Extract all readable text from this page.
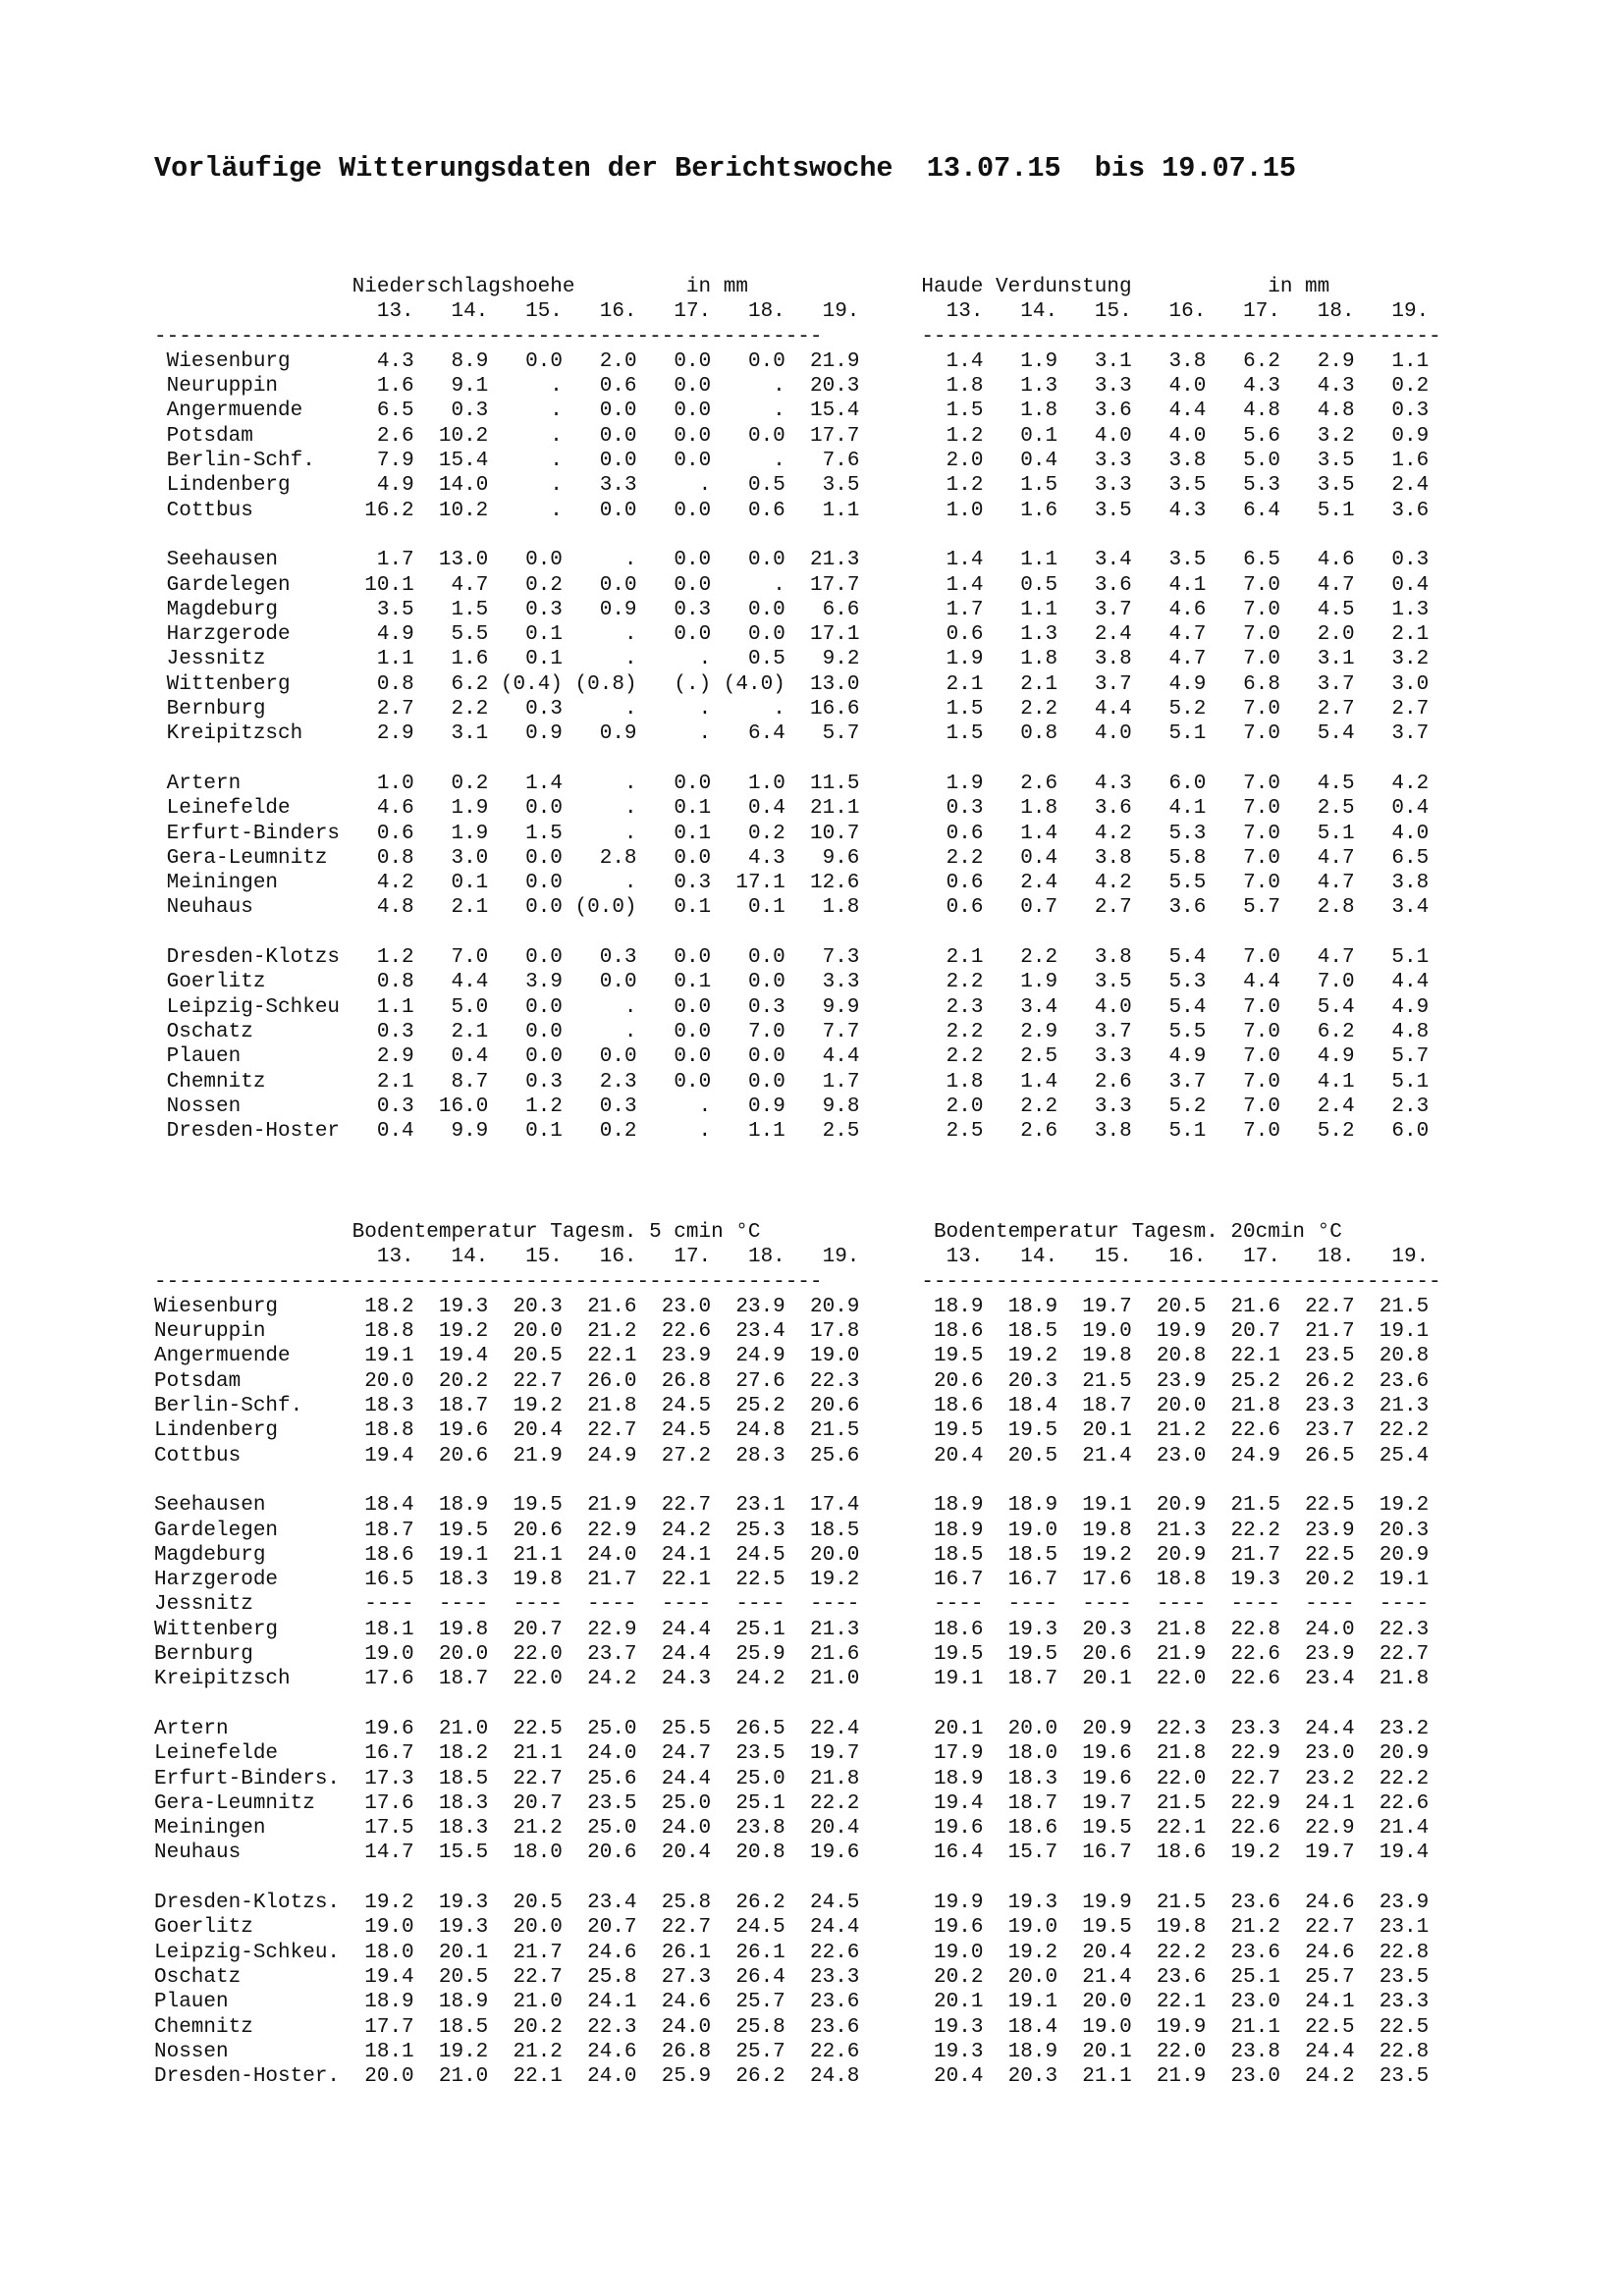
Vorläufige Witterungsdaten der Berichtswoche  13.07.15  bis 19.07.15
Niederschlagshoehe	in mm	Haude Verdunstung	in mm
13.   14.   15.   16.   17.   18.   19.       13.   14.   15.   16.   17.   18.   19.
------------------------------------------------------        ------------------------------------------
Wiesenburg       4.3   8.9   0.0   2.0   0.0   0.0  21.9       1.4   1.9   3.1   3.8   6.2   2.9   1.1
Neuruppin	1.6   9.1     .   0.6   0.0     .  20.3       1.8   1.3   3.3   4.0   4.3   4.3   0.2
Angermuende      6.5   0.3     .   0.0   0.0     .  15.4       1.5   1.8   3.6   4.4   4.8   4.8   0.3
Potsdam	2.6  10.2     .   0.0   0.0   0.0  17.7       1.2   0.1   4.0   4.0   5.6   3.2   0.9
Berlin-Schf.     7.9  15.4     .   0.0   0.0     .   7.6       2.0   0.4   3.3   3.8   5.0   3.5   1.6
Lindenberg       4.9  14.0     .   3.3     .   0.5   3.5       1.2   1.5   3.3   3.5   5.3   3.5   2.4
Cottbus	16.2  10.2     .   0.0   0.0   0.6   1.1       1.0   1.6   3.5   4.3   6.4   5.1   3.6

Seehausen	1.7  13.0   0.0     .   0.0   0.0  21.3       1.4   1.1   3.4   3.5   6.5   4.6   0.3
Gardelegen      10.1   4.7   0.2   0.0   0.0     .  17.7       1.4   0.5   3.6   4.1   7.0   4.7   0.4
Magdeburg	3.5   1.5   0.3   0.9   0.3   0.0   6.6       1.7   1.1   3.7   4.6   7.0   4.5   1.3
Harzgerode       4.9   5.5   0.1     .   0.0   0.0  17.1       0.6   1.3   2.4   4.7   7.0   2.0   2.1
Jessnitz	1.1   1.6   0.1     .     .   0.5   9.2       1.9   1.8   3.8   4.7   7.0   3.1   3.2
Wittenberg       0.8   6.2 (0.4) (0.8)   (.) (4.0)  13.0       2.1   2.1   3.7   4.9   6.8   3.7   3.0
Bernburg	2.7   2.2   0.3     .     .     .  16.6       1.5   2.2   4.4   5.2   7.0   2.7   2.7
Kreipitzsch      2.9   3.1   0.9   0.9     .   6.4   5.7       1.5   0.8   4.0   5.1   7.0   5.4   3.7

Artern	1.0   0.2   1.4     .   0.0   1.0  11.5       1.9   2.6   4.3   6.0   7.0   4.5   4.2
Leinefelde       4.6   1.9   0.0     .   0.1   0.4  21.1       0.3   1.8   3.6   4.1   7.0   2.5   0.4
Erfurt-Binders   0.6   1.9   1.5     .   0.1   0.2  10.7       0.6   1.4   4.2   5.3   7.0   5.1   4.0
Gera-Leumnitz    0.8   3.0   0.0   2.8   0.0   4.3   9.6       2.2   0.4   3.8   5.8   7.0   4.7   6.5
Meiningen	4.2   0.1   0.0     .   0.3  17.1  12.6       0.6   2.4   4.2   5.5   7.0   4.7   3.8
Neuhaus	4.8   2.1   0.0 (0.0)   0.1   0.1   1.8       0.6   0.7   2.7   3.6   5.7   2.8   3.4

Dresden-Klotzs   1.2   7.0   0.0   0.3   0.0   0.0   7.3       2.1   2.2   3.8   5.4   7.0   4.7   5.1
Goerlitz	0.8   4.4   3.9   0.0   0.1   0.0   3.3       2.2   1.9   3.5   5.3   4.4   7.0   4.4
Leipzig-Schkeu   1.1   5.0   0.0     .   0.0   0.3   9.9       2.3   3.4   4.0   5.4   7.0   5.4   4.9
Oschatz	0.3   2.1   0.0     .   0.0   7.0   7.7       2.2   2.9   3.7   5.5   7.0   6.2   4.8
Plauen	2.9   0.4   0.0   0.0   0.0   0.0   4.4       2.2   2.5   3.3   4.9   7.0   4.9   5.7
Chemnitz	2.1   8.7   0.3   2.3   0.0   0.0   1.7       1.8   1.4   2.6   3.7   7.0   4.1   5.1
Nossen	0.3  16.0   1.2   0.3     .   0.9   9.8       2.0   2.2   3.3   5.2   7.0   2.4   2.3
Dresden-Hoster   0.4   9.9   0.1   0.2     .   1.1   2.5       2.5   2.6   3.8   5.1   7.0   5.2   6.0
Bodentemperatur Tagesm. 5 cmin °C	Bodentemperatur Tagesm. 20cmin °C
13.   14.   15.   16.   17.   18.   19.       13.   14.   15.   16.   17.   18.   19.
------------------------------------------------------        ------------------------------------------
Wiesenburg	18.2  19.3  20.3  21.6  23.0  23.9  20.9      18.9  18.9  19.7  20.5  21.6  22.7  21.5
Neuruppin	18.8  19.2  20.0  21.2  22.6  23.4  17.8      18.6  18.5  19.0  19.9  20.7  21.7  19.1
Angermuende      19.1  19.4  20.5  22.1  23.9  24.9  19.0      19.5  19.2  19.8  20.8  22.1  23.5  20.8
Potsdam	20.0  20.2  22.7  26.0  26.8  27.6  22.3      20.6  20.3  21.5  23.9  25.2  26.2  23.6
Berlin-Schf.     18.3  18.7  19.2  21.8  24.5  25.2  20.6      18.6  18.4  18.7  20.0  21.8  23.3  21.3
Lindenberg	18.8  19.6  20.4  22.7  24.5  24.8  21.5      19.5  19.5  20.1  21.2  22.6  23.7  22.2
Cottbus	19.4  20.6  21.9  24.9  27.2  28.3  25.6      20.4  20.5  21.4  23.0  24.9  26.5  25.4

Seehausen	18.4  18.9  19.5  21.9  22.7  23.1  17.4      18.9  18.9  19.1  20.9  21.5  22.5  19.2
Gardelegen	18.7  19.5  20.6  22.9  24.2  25.3  18.5      18.9  19.0  19.8  21.3  22.2  23.9  20.3
Magdeburg	18.6  19.1  21.1  24.0  24.1  24.5  20.0      18.5  18.5  19.2  20.9  21.7  22.5  20.9
Harzgerode	16.5  18.3  19.8  21.7  22.1  22.5  19.2      16.7  16.7  17.6  18.8  19.3  20.2  19.1
Jessnitz	----  ----  ----  ----  ----  ----  ----      ----  ----  ----  ----  ----  ----  ----
Wittenberg	18.1  19.8  20.7  22.9  24.4  25.1  21.3      18.6  19.3  20.3  21.8  22.8  24.0  22.3
Bernburg	19.0  20.0  22.0  23.7  24.4  25.9  21.6      19.5  19.5  20.6  21.9  22.6  23.9  22.7
Kreipitzsch      17.6  18.7  22.0  24.2  24.3  24.2  21.0      19.1  18.7  20.1  22.0  22.6  23.4  21.8

Artern	19.6  21.0  22.5  25.0  25.5  26.5  22.4      20.1  20.0  20.9  22.3  23.3  24.4  23.2
Leinefelde	16.7  18.2  21.1  24.0  24.7  23.5  19.7      17.9  18.0  19.6  21.8  22.9  23.0  20.9
Erfurt-Binders.  17.3  18.5  22.7  25.6  24.4  25.0  21.8      18.9  18.3  19.6  22.0  22.7  23.2  22.2
Gera-Leumnitz    17.6  18.3  20.7  23.5  25.0  25.1  22.2      19.4  18.7  19.7  21.5  22.9  24.1  22.6
Meiningen	17.5  18.3  21.2  25.0  24.0  23.8  20.4      19.6  18.6  19.5  22.1  22.6  22.9  21.4
Neuhaus	14.7  15.5  18.0  20.6  20.4  20.8  19.6      16.4  15.7  16.7  18.6  19.2  19.7  19.4

Dresden-Klotzs.  19.2  19.3  20.5  23.4  25.8  26.2  24.5      19.9  19.3  19.9  21.5  23.6  24.6  23.9
Goerlitz	19.0  19.3  20.0  20.7  22.7  24.5  24.4      19.6  19.0  19.5  19.8  21.2  22.7  23.1
Leipzig-Schkeu.  18.0  20.1  21.7  24.6  26.1  26.1  22.6      19.0  19.2  20.4  22.2  23.6  24.6  22.8
Oschatz	19.4  20.5  22.7  25.8  27.3  26.4  23.3      20.2  20.0  21.4  23.6  25.1  25.7  23.5
Plauen	18.9  18.9  21.0  24.1  24.6  25.7  23.6      20.1  19.1  20.0  22.1  23.0  24.1  23.3
Chemnitz	17.7  18.5  20.2  22.3  24.0  25.8  23.6      19.3  18.4  19.0  19.9  21.1  22.5  22.5
Nossen	18.1  19.2  21.2  24.6  26.8  25.7  22.6      19.3  18.9  20.1  22.0  23.8  24.4  22.8
Dresden-Hoster.  20.0  21.0  22.1  24.0  25.9  26.2  24.8      20.4  20.3  21.1  21.9  23.0  24.2  23.5
